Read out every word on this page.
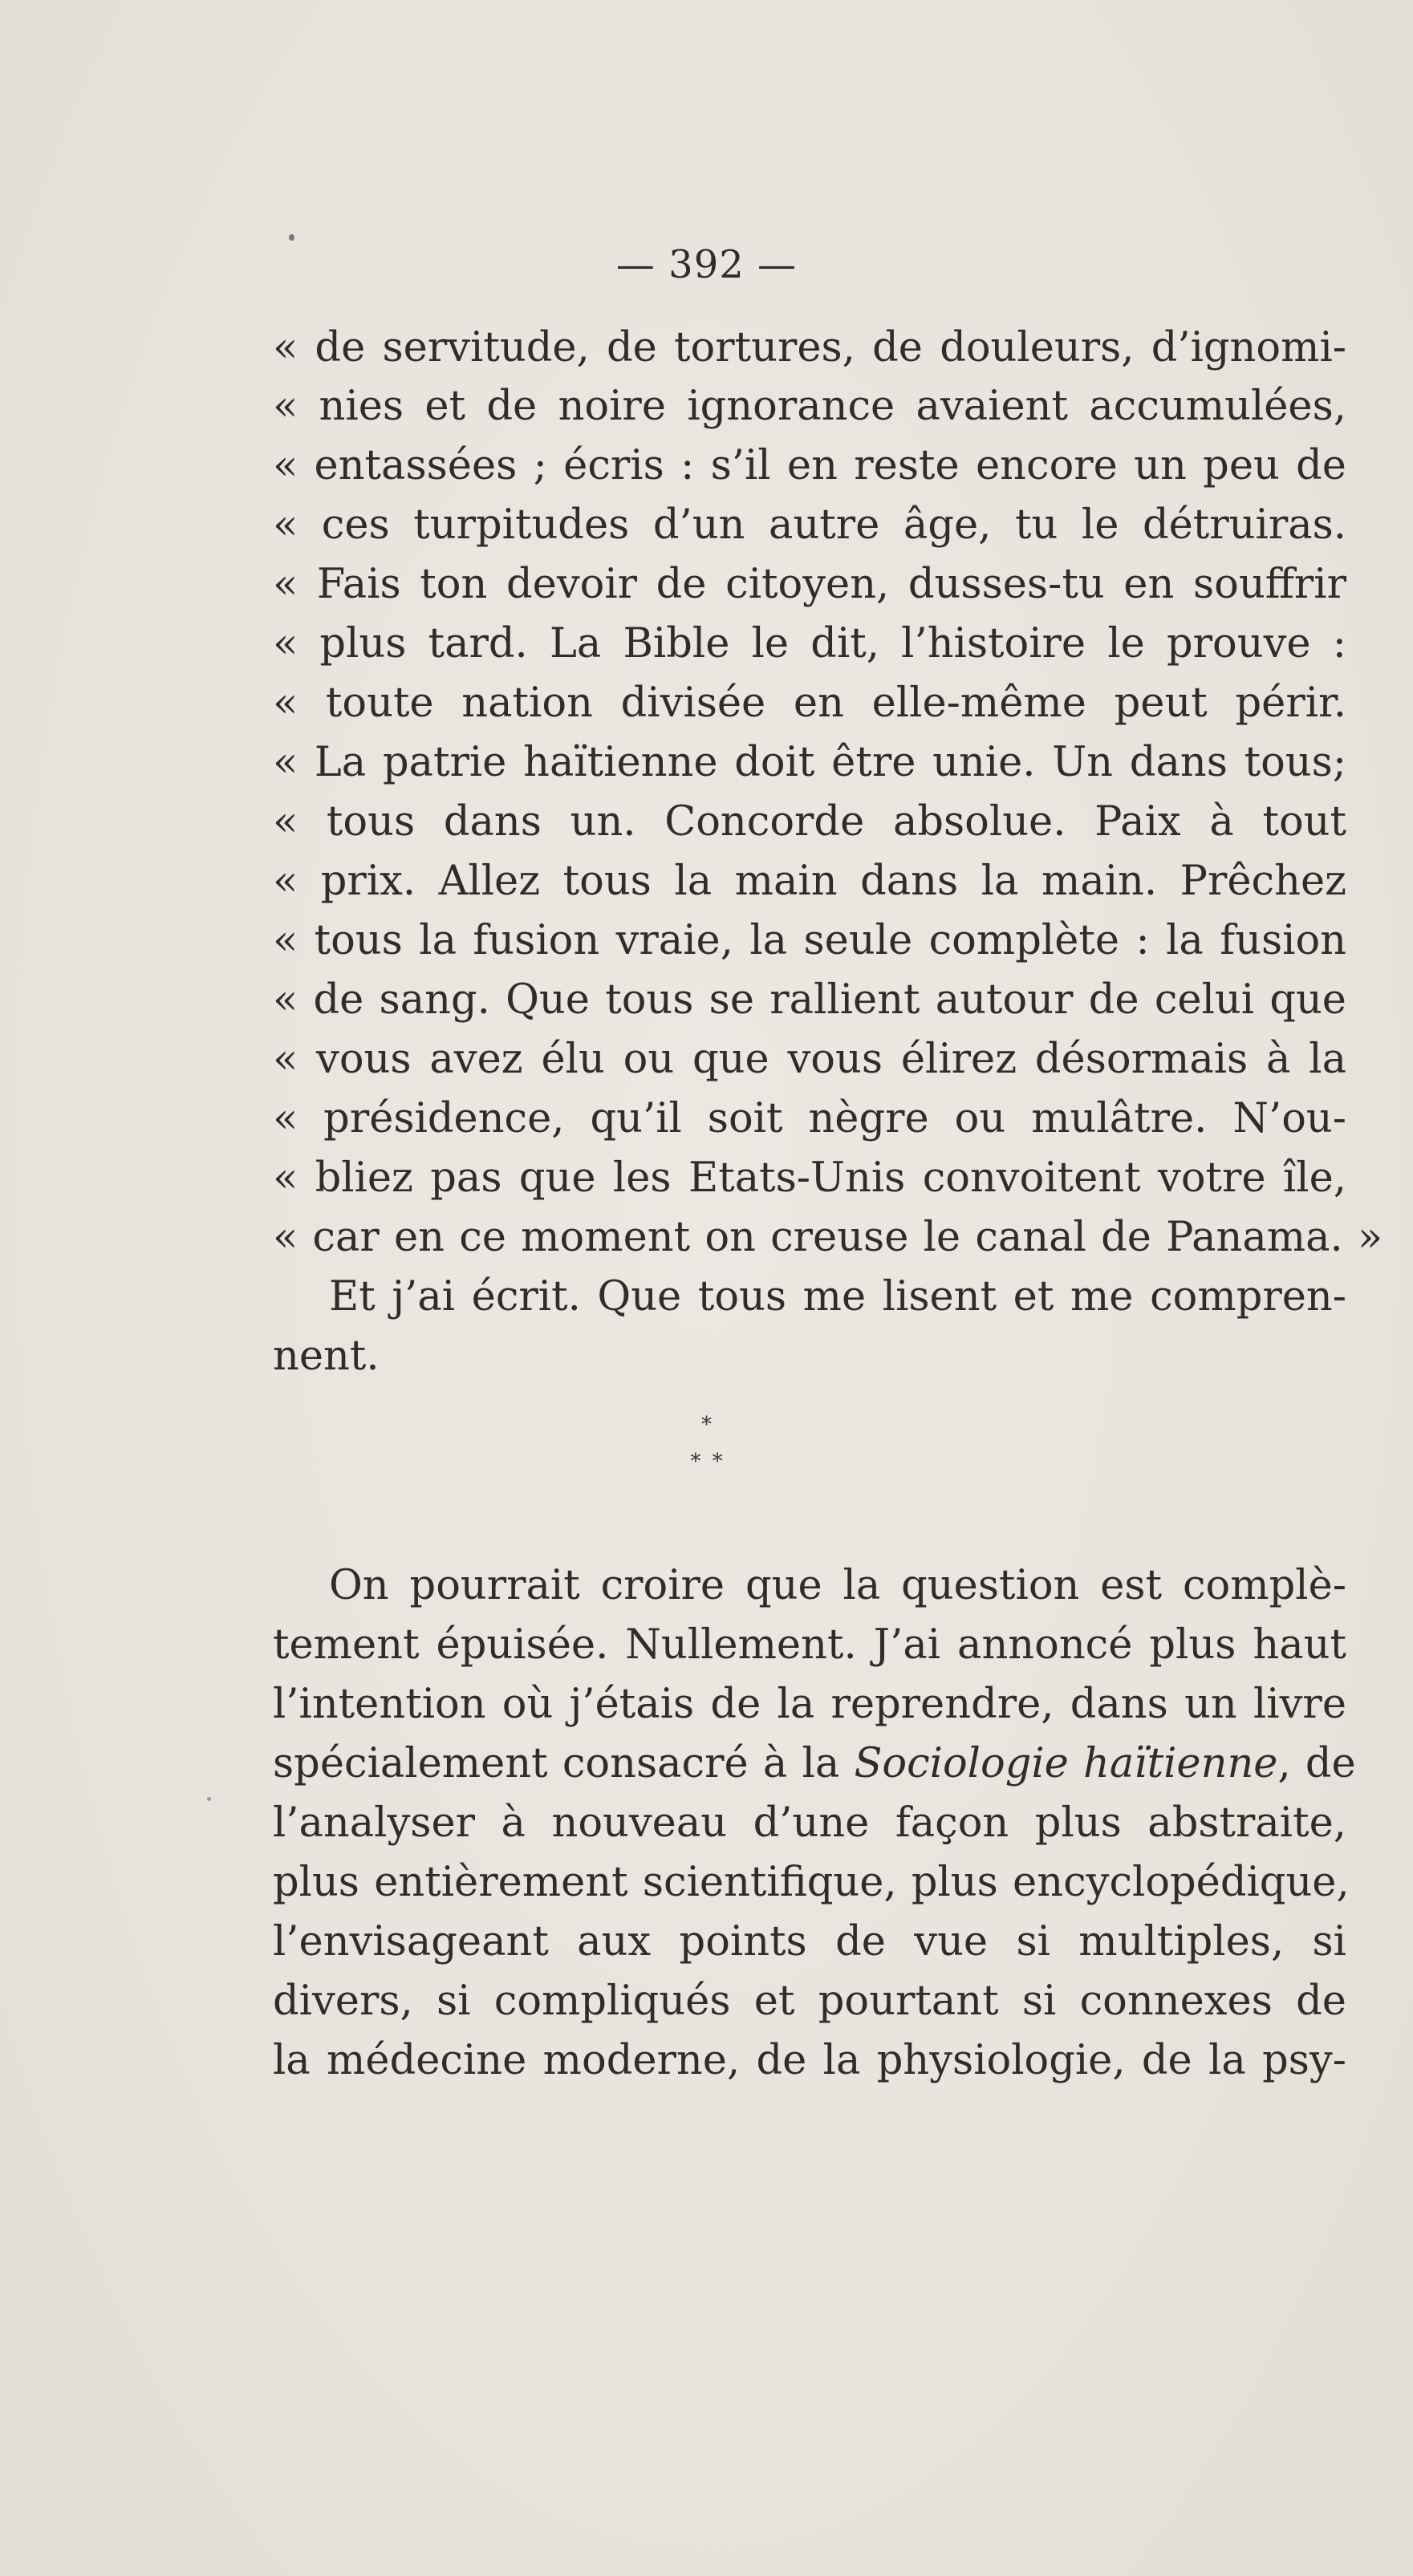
— 392 —
« de servitude, de tortures, de douleurs, d’ignomi-
« nies et de noire ignorance avaient accumulées,
« entassées ; écris : s’il en reste encore un peu de
« ces turpitudes d’un autre âge, tu le détruiras.
« Fais ton devoir de citoyen, dusses-tu en souffrir
« plus tard. La Bible le dit, l’histoire le prouve :
« toute nation divisée en elle-même peut périr.
« La patrie haïtienne doit être unie. Un dans tous;
« tous dans un. Concorde absolue. Paix à tout
« prix. Allez tous la main dans la main. Prêchez
« tous la fusion vraie, la seule complète : la fusion
« de sang. Que tous se rallient autour de celui que
« vous avez élu ou que vous élirez désormais à la
« présidence, qu’il soit nègre ou mulâtre. N’ou-
« bliez pas que les Etats-Unis convoitent votre île,
« car en ce moment on creuse le canal de Panama. »
Et j’ai écrit. Que tous me lisent et me compren-
nent.
*
* *
On pourrait croire que la question est complè-
tement épuisée. Nullement. J’ai annoncé plus haut
l’intention où j’étais de la reprendre, dans un livre
spécialement consacré à la Sociologie haïtienne, de
l’analyser à nouveau d’une façon plus abstraite,
plus entièrement scientifique, plus encyclopédique,
l’envisageant aux points de vue si multiples, si
divers, si compliqués et pourtant si connexes de
la médecine moderne, de la physiologie, de la psy-
